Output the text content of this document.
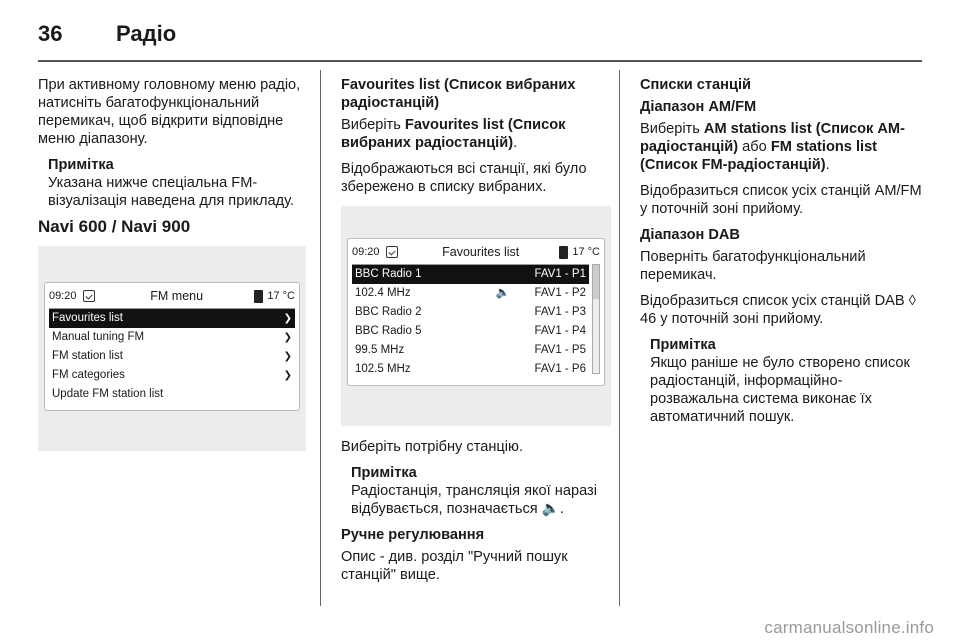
36	Радіо

При активному головному меню радіо, натисніть багатофункціональний перемикач, щоб відкрити відповідне меню діапазону.

Примітка
Указана нижче спеціальна FM-візуалізація наведена для прикладу.
Navi 600 / Navi 900
09:20	FM menu	17 °C
Favourites list	❯
Manual tuning FM	❯
FM station list	❯
FM categories	❯
Update FM station list
Favourites list (Список вибраних радіостанцій)

Виберіть Favourites list (Список вибраних радіостанцій).

Відображаються всі станції, які було збережено в списку вибраних.

09:20	Favourites list	17 °C
BBC Radio 1	FAV1 - P1
102.4 MHz	🔈 FAV1 - P2
BBC Radio 2	FAV1 - P3
BBC Radio 5	FAV1 - P4
99.5 MHz	FAV1 - P5
102.5 MHz	FAV1 - P6

Виберіть потрібну станцію.

Примітка
Радіостанція, трансляція якої наразі відбувається, позначається 🔈.
Ручне регулювання

Опис - див. розділ "Ручний пошук станцій" вище.

Списки станцій
Діапазон AM/FM

Виберіть AM stations list (Список AM-радіостанцій) або FM stations list (Список FM-радіостанцій).

Відобразиться список усіх станцій AM/FM у поточній зоні прийому.

Діапазон DAB

Поверніть багатофункціональний перемикач.

Відобразиться список усіх станцій DAB ◊ 46 у поточній зоні прийому.

Примітка
Якщо раніше не було створено список радіостанцій, інформаційно-розважальна система виконає їх автоматичний пошук.
carmanualsonline.info
